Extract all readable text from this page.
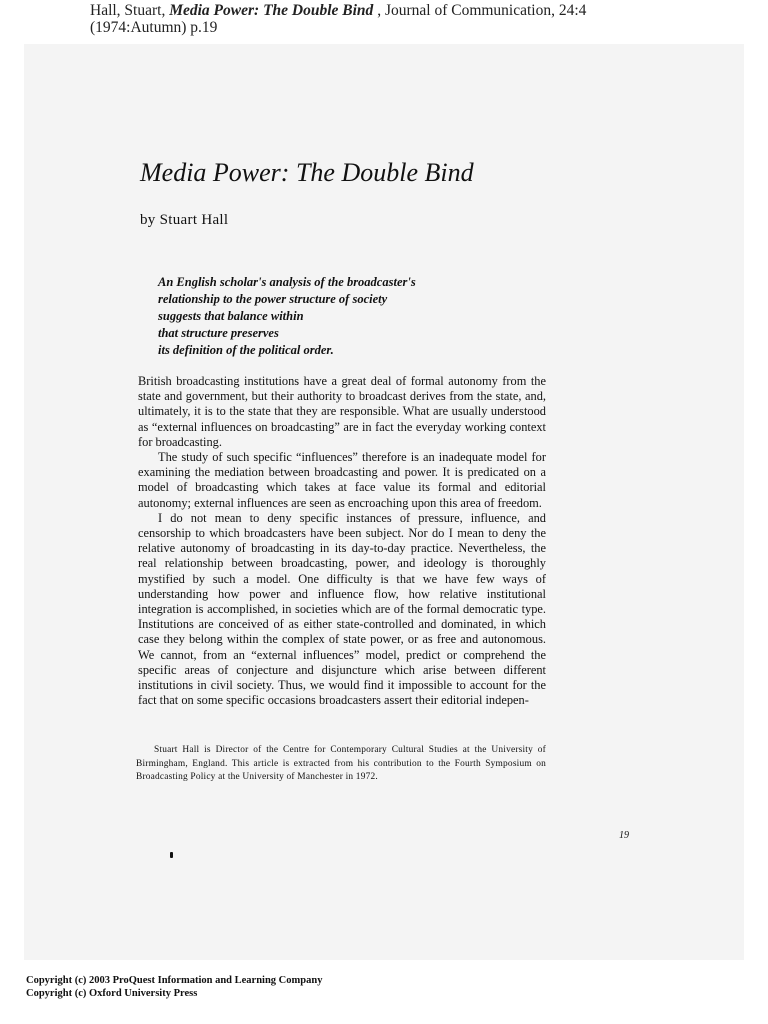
Hall, Stuart, Media Power: The Double Bind , Journal of Communication, 24:4
(1974:Autumn) p.19
Media Power: The Double Bind
by Stuart Hall
An English scholar's analysis of the broadcaster's
relationship to the power structure of society
suggests that balance within
that structure preserves
its definition of the political order.

British broadcasting institutions have a great deal of formal autonomy from the state and government, but their authority to broadcast derives from the state, and, ultimately, it is to the state that they are responsible. What are usually understood as “external influences on broadcasting” are in fact the everyday working context for broadcasting.

The study of such specific “influences” therefore is an inadequate model for examining the mediation between broadcasting and power. It is predicated on a model of broadcasting which takes at face value its formal and editorial autonomy; external influences are seen as encroaching upon this area of freedom.

I do not mean to deny specific instances of pressure, influence, and censorship to which broadcasters have been subject. Nor do I mean to deny the relative autonomy of broadcasting in its day-to-day practice. Nevertheless, the real relationship between broadcasting, power, and ideology is thoroughly mystified by such a model. One difficulty is that we have few ways of understanding how power and influence flow, how relative institutional integration is accomplished, in societies which are of the formal democratic type. Institutions are conceived of as either state-controlled and dominated, in which case they belong within the complex of state power, or as free and autonomous. We cannot, from an “external influences” model, predict or comprehend the specific areas of conjecture and disjuncture which arise between different institutions in civil society. Thus, we would find it impossible to account for the fact that on some specific occasions broadcasters assert their editorial indepen-

Stuart Hall is Director of the Centre for Contemporary Cultural Studies at the University of Birmingham, England. This article is extracted from his contribution to the Fourth Symposium on Broadcasting Policy at the University of Manchester in 1972.
19
Copyright (c) 2003 ProQuest Information and Learning Company
Copyright (c) Oxford University Press
